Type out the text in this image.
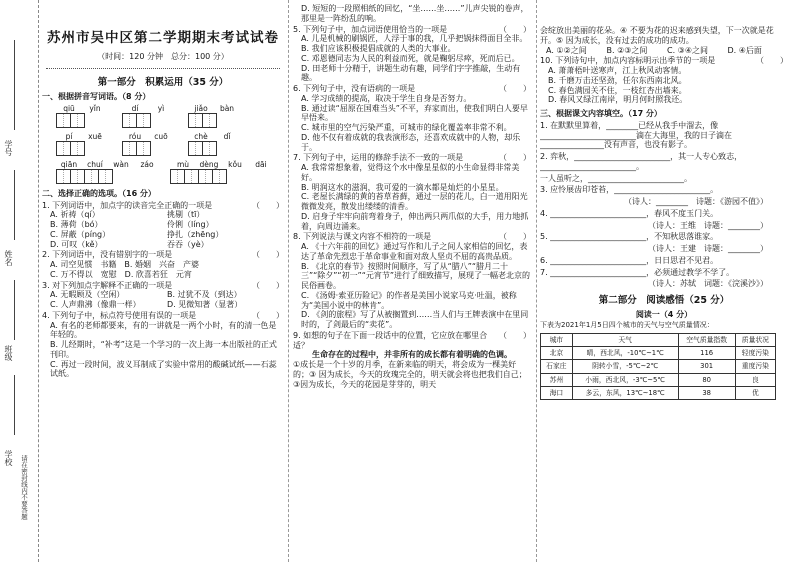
学号
姓名
班级
学校 请在密封线内不要答题
苏州市吴中区第二学期期末考试试卷
（时间：120 分钟　总分：100 分）
第一部分　积累运用（35 分）
一、根据拼音写词语。（8 分）
qiū	yǐn	dí	yì	jiǎo	bàn
pí	xuē	róu	cuō	chè	dǐ
qiān	chuí	wàn	záo	mù	dèng	kǒu	dāi
二、选择正确的选项。（16 分）
1. 下列词语中，加点字的读音完全正确的一项是	（　　）
A. 祈祷（qí）	挑剔（tī）
B. 薄荷（bó）	伶俐（líng）
C. 屏蔽（píng）	挣扎（zhēng）
D. 可叹（kě）	吞吞（yè）
2. 下列词语中，没有错别字的一项是	（　　）
A. 司空见惯　书籍　B. 婚姻　兴奋　产婆
C. 万不得以　宽慰　D. 欣喜若狂　元宵
3. 对下列加点字解释不正确的一项是	（　　）
A. 无暇顾及（空闲）	B. 过犹不及（到达）
C. 人声鼎沸（像鼎一样）	D. 见微知著（显著）
4. 下列句子中，标点符号使用有误的一项是	（　　）
A. 有名的老师都要来，有的一讲就是一两个小时，有的清一色是年轻的。
B. 儿经期时，“补考”这是一个学习的一次上海一本出版社的正式刊印。
C. 再过一段时间，波义耳制成了实验中常用的酸碱试纸——石蕊试纸。
D. 短短的一段照相纸的回忆，“坐……坐……”儿声尖锐的卷声，那里是一阵纷乱的响。
5. 下列句子中，加点词语使用恰当的一项是	（　　）
A. 儿是机械的刷锅匠，人浮于事的我，几乎把锅抹得面目全非。
B. 我们应该积极提倡成就的人类的大事业。
C. 邓恩德同志为人民的利益而死，就是鞠躬尽瘁，死而后已。
D. 田老师十分精于，讲题生动有趣，同学们字字推敲，生动有趣。
6. 下列句子中，没有语病的一项是	（　　）
A. 学习成绩的提高，取决于学生自身是否努力。
B. 通过读“屈原在国难当头”不平，弃家而出，使我们明白人要早早悟来。
C. 城市里的空气污染严重，可城市的绿化覆盖率非常不利。
D. 他不仅有着成就的我表演形态，还喜欢成就中的人物，却乐于。
7. 下列句子中，运用的修辞手法不一致的一项是	（　　）
A. 我常常想象着，觉得这个水中像星星似的小生命显得非常美好。
B. 明润这水的滋润，我可爱的一滴水都是灿烂的小星星。
C. 老屋长满绿的黄的苔草苔藓，通过一层的花儿，白一道用阳光微微发亮，散发出缕缕的清香。
D. 启身子牢牢向前弯着身子，伸出两只两爪似的大手，用力地抓着，向周边涌来。
8. 下列说法与课文内容不相符的一项是	（　　）
A. 《十六年前的回忆》通过写作和儿子之间人家相信的回忆，表达了革命先烈忠于革命事业和面对敌人坚贞不屈的高贵品质。
B. 《北京的春节》按照时间顺序，写了从“腊八”“腊月二十三”“除夕”“初一”“元宵节”进行了细致描写，展现了一幅老北京的民俗画卷。
C. 《汤姆·索亚历险记》的作者是美国小说家马克·吐温，被称为“美国小说中的林肯”。
D. 《剑的旅程》写了从被搁置到……当人们与王牌表演中在里同时的，了剑最后的“卖花”。
9. 如想的句子在下面一段话中的位置，它应放在哪里合适？
（　　）
生命存在的过程中，并非所有的成长都有着明确的色调。
①成长是一个十岁的月季，在新来临的明天，将会成为一棵美好的；③ 因为成长，今天的玫瑰完全的，明天就会将也把我们自己；③因为成长，今天的花园是芽芽的，明天
会绽放出美丽的花朵。④ 不要为花的迟来感到失望，下一次就是花开。⑤ 因为成长，没有过去的成功的成功。
A. ①②之间	B. ②③之间	C. ③④之间	D. ④后面
10. 下列诗句中，加点内容标明示出季节的一项是	（　　）
A. 萧萧梧叶送寒声，江上秋风动客情。
B. 千磨万击还坚劲，任尔东西南北风。
C. 春色满园关不住，一枝红杏出墙来。
D. 春风又绿江南岸，明月何时照我还。
三、根据课文内容填空。（17 分）
1. 在默默里算着，________已经从我手中溜去，像________________________滴在大海里，我的日子滴在________________没有声音，也没有影子。
2. 弈秋，________________________，其一人专心致志，________________________。
一人虽听之，________________________。
3. 应怜展齿印苍苔，________________________。
（诗人：________　诗题：《游园不值》）
4. ________________________，春风不度玉门关。
（诗人：王维　诗题：________）
5. ________________________，不知秋思落谁家。
（诗人：王建　诗题：________）
6. ________________________，日日思君不见君。
7. ________________________，必须通过教学不学了。
（诗人：苏轼　词题：《浣溪沙》）
第二部分　阅读感悟（25 分）
阅读一（4 分）
下表为2021年1月5日四个城市的天气与空气质量情况：
城市	天气	空气质量指数	质量状况
北京	晴，西北风，-10℃~1℃	116	轻度污染
石家庄	阴转小雪，-5℃~2℃	301	重度污染
苏州	小雨，西北风，-3℃~5℃	80	良
海口	多云，东风，13℃~18℃	38	优
